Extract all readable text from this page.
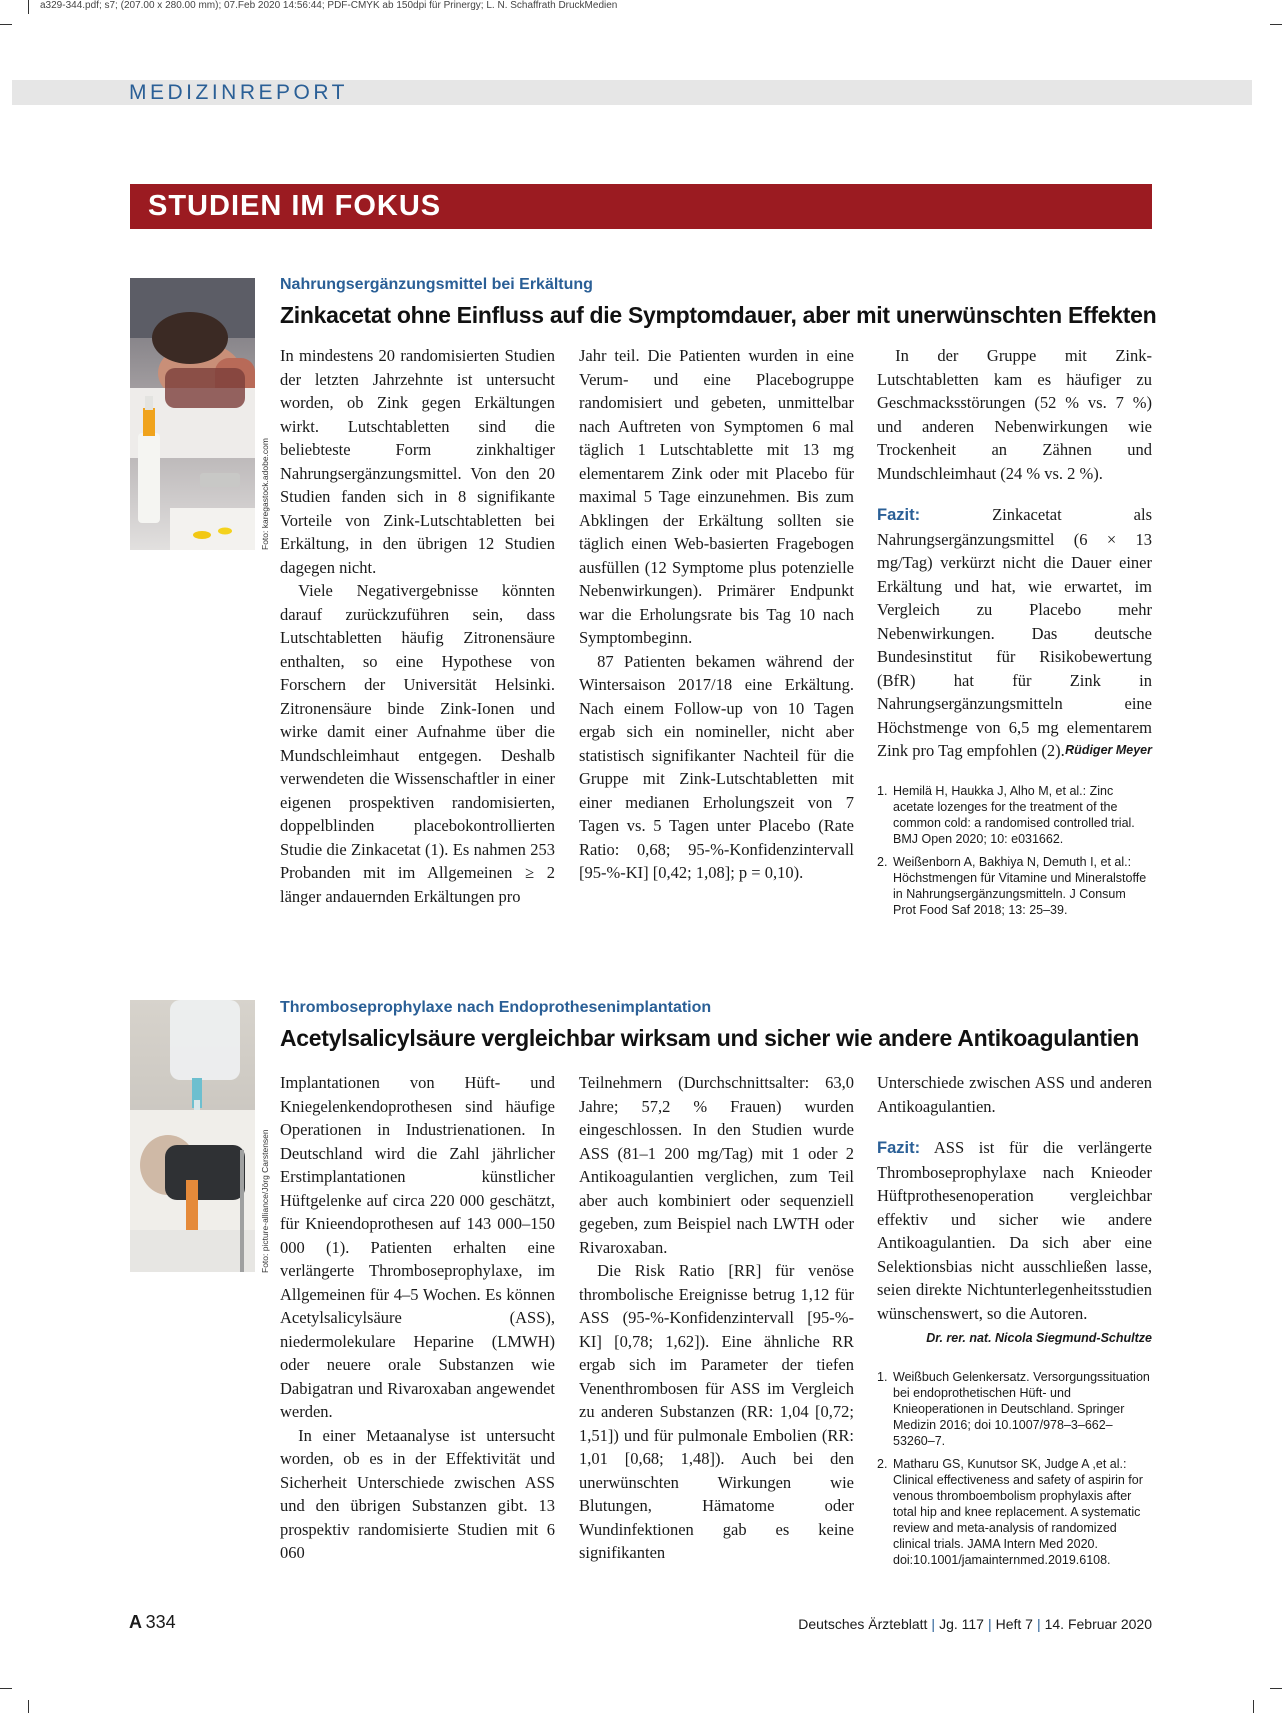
a329-344.pdf; s7; (207.00 x 280.00 mm); 07.Feb 2020 14:56:44; PDF-CMYK ab 150dpi für Prinergy; L. N. Schaffrath DruckMedien
MEDIZINREPORT
STUDIEN IM FOKUS
Foto: karegastock.adobe.com
Nahrungsergänzungsmittel bei Erkältung
Zinkacetat ohne Einfluss auf die Symptomdauer, aber mit unerwünschten Effekten

In mindestens 20 randomisierten Studien der letzten Jahrzehnte ist untersucht worden, ob Zink gegen Erkältungen wirkt. Lutschtabletten sind die beliebteste Form zinkhaltiger Nahrungsergänzungsmittel. Von den 20 Studien fanden sich in 8 signifikante Vorteile von Zink-Lutschtabletten bei Erkältung, in den übrigen 12 Studien dagegen nicht.

Viele Negativergebnisse könnten darauf zurückzuführen sein, dass Lutschtabletten häufig Zitronensäure enthalten, so eine Hypothese von Forschern der Universität Helsinki. Zitronensäure binde Zink-Ionen und wirke damit einer Aufnahme über die Mundschleimhaut entgegen. Deshalb verwendeten die Wissenschaftler in einer eigenen prospektiven randomisierten, doppelblinden placebokontrollierten Studie die Zinkacetat (1). Es nahmen 253 Probanden mit im Allgemeinen ≥ 2 länger andauernden Erkältungen pro

Jahr teil. Die Patienten wurden in eine Verum- und eine Placebogruppe randomisiert und gebeten, unmittelbar nach Auftreten von Symptomen 6 mal täglich 1 Lutschtablette mit 13 mg elementarem Zink oder mit Placebo für maximal 5 Tage einzunehmen. Bis zum Abklingen der Erkältung sollten sie täglich einen Web-basierten Fragebogen ausfüllen (12 Symptome plus potenzielle Nebenwirkungen). Primärer Endpunkt war die Erholungsrate bis Tag 10 nach Symptombeginn.

87 Patienten bekamen während der Wintersaison 2017/18 eine Erkältung. Nach einem Follow-up von 10 Tagen ergab sich ein nomineller, nicht aber statistisch signifikanter Nachteil für die Gruppe mit Zink-Lutschtabletten mit einer medianen Erholungszeit von 7 Tagen vs. 5 Tagen unter Placebo (Rate Ratio: 0,68; 95-%-Konfidenzintervall [95-%-KI] [0,42; 1,08]; p = 0,10).

In der Gruppe mit Zink-Lutschtabletten kam es häufiger zu Geschmacksstörungen (52 % vs. 7 %) und anderen Nebenwirkungen wie Trockenheit an Zähnen und Mundschleimhaut (24 % vs. 2 %).

Fazit: Zinkacetat als Nahrungsergänzungsmittel (6 × 13 mg/Tag) verkürzt nicht die Dauer einer Erkältung und hat, wie erwartet, im Vergleich zu Placebo mehr Nebenwirkungen. Das deutsche Bundesinstitut für Risikobewertung (BfR) hat für Zink in Nahrungsergänzungsmitteln eine Höchstmenge von 6,5 mg elementarem Zink pro Tag empfohlen (2). Rüdiger Meyer

1. Hemilä H, Haukka J, Alho M, et al.: Zinc acetate lozenges for the treatment of the common cold: a randomised controlled trial. BMJ Open 2020; 10: e031662.
2. Weißenborn A, Bakhiya N, Demuth I, et al.: Höchstmengen für Vitamine und Mineralstoffe in Nahrungsergänzungsmitteln. J Consum Prot Food Saf 2018; 13: 25–39.
Foto: picture-alliance/Jörg Carstensen
Thromboseprophylaxe nach Endoprothesenimplantation
Acetylsalicylsäure vergleichbar wirksam und sicher wie andere Antikoagulantien

Implantationen von Hüft- und Kniegelenkendoprothesen sind häufige Operationen in Industrienationen. In Deutschland wird die Zahl jährlicher Erstimplantationen künstlicher Hüftgelenke auf circa 220 000 geschätzt, für Knieendoprothesen auf 143 000–150 000 (1). Patienten erhalten eine verlängerte Thromboseprophylaxe, im Allgemeinen für 4–5 Wochen. Es können Acetylsalicylsäure (ASS), niedermolekulare Heparine (LMWH) oder neuere orale Substanzen wie Dabigatran und Rivaroxaban angewendet werden.

In einer Metaanalyse ist untersucht worden, ob es in der Effektivität und Sicherheit Unterschiede zwischen ASS und den übrigen Substanzen gibt. 13 prospektiv randomisierte Studien mit 6 060

Teilnehmern (Durchschnittsalter: 63,0 Jahre; 57,2 % Frauen) wurden eingeschlossen. In den Studien wurde ASS (81–1 200 mg/Tag) mit 1 oder 2 Antikoagulantien verglichen, zum Teil aber auch kombiniert oder sequenziell gegeben, zum Beispiel nach LWTH oder Rivaroxaban.

Die Risk Ratio [RR] für venöse thrombolische Ereignisse betrug 1,12 für ASS (95-%-Konfidenzintervall [95-%-KI] [0,78; 1,62]). Eine ähnliche RR ergab sich im Parameter der tiefen Venenthrombosen für ASS im Vergleich zu anderen Substanzen (RR: 1,04 [0,72; 1,51]) und für pulmonale Embolien (RR: 1,01 [0,68; 1,48]). Auch bei den unerwünschten Wirkungen wie Blutungen, Hämatome oder Wundinfektionen gab es keine signifikanten

Unterschiede zwischen ASS und anderen Antikoagulantien.

Fazit: ASS ist für die verlängerte Thromboseprophylaxe nach Knieoder Hüftprothesenoperation vergleichbar effektiv und sicher wie andere Antikoagulantien. Da sich aber eine Selektionsbias nicht ausschließen lasse, seien direkte Nichtunterlegenheitsstudien wünschenswert, so die Autoren.

Dr. rer. nat. Nicola Siegmund-Schultze
1. Weißbuch Gelenkersatz. Versorgungssituation bei endoprothetischen Hüft- und Knieoperationen in Deutschland. Springer Medizin 2016; doi 10.1007/978–3–662–53260–7.
2. Matharu GS, Kunutsor SK, Judge A ,et al.: Clinical effectiveness and safety of aspirin for venous thromboembolism prophylaxis after total hip and knee replacement. A systematic review and meta-analysis of randomized clinical trials. JAMA Intern Med 2020. doi:10.1001/jamainternmed.2019.6108.
A  334	Deutsches Ärzteblatt | Jg. 117 | Heft 7 | 14. Februar 2020
